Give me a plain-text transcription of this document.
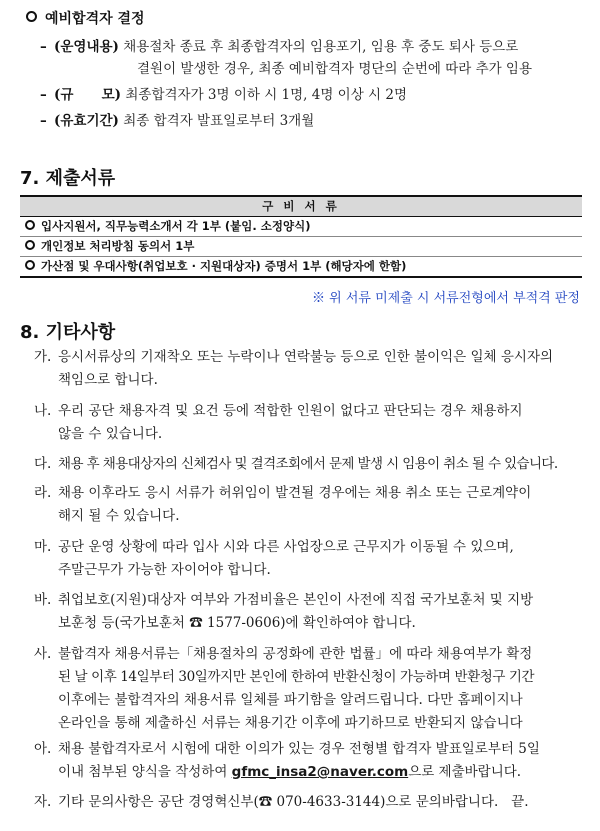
예비합격자 결정
– (운영내용) 채용절차 종료 후 최종합격자의 임용포기, 임용 후 중도 퇴사 등으로
결원이 발생한 경우, 최종 예비합격자 명단의 순번에 따라 추가 임용
– (규      모) 최종합격자가 3명 이하 시 1명, 4명 이상 시 2명
– (유효기간) 최종 합격자 발표일로부터 3개월
7. 제출서류
구 비 서 류
입사지원서, 직무능력소개서 각 1부 (붙임. 소정양식)
개인정보 처리방침 동의서 1부
가산점 및 우대사항(취업보호 · 지원대상자) 증명서 1부 (해당자에 한함)
※ 위 서류 미제출 시 서류전형에서 부적격 판정
8. 기타사항
가. 응시서류상의 기재착오 또는 누락이나 연락불능 등으로 인한 불이익은 일체 응시자의
책임으로 합니다.
나. 우리 공단 채용자격 및 요건 등에 적합한 인원이 없다고 판단되는 경우 채용하지
않을 수 있습니다.
다. 채용 후 채용대상자의 신체검사 및 결격조회에서 문제 발생 시 임용이 취소 될 수 있습니다.
라. 채용 이후라도 응시 서류가 허위임이 발견될 경우에는 채용 취소 또는 근로계약이
해지 될 수 있습니다.
마. 공단 운영 상황에 따라 입사 시와 다른 사업장으로 근무지가 이동될 수 있으며,
주말근무가 가능한 자이어야 합니다.
바. 취업보호(지원)대상자 여부와 가점비율은 본인이 사전에 직접 국가보훈처 및 지방
보훈청 등(국가보훈처 ☎ 1577-0606)에 확인하여야 합니다.
사. 불합격자 채용서류는「채용절차의 공정화에 관한 법률」에 따라 채용여부가 확정
된 날 이후 14일부터 30일까지만 본인에 한하여 반환신청이 가능하며 반환청구 기간
이후에는 불합격자의 채용서류 일체를 파기함을 알려드립니다. 다만 홈페이지나
온라인을 통해 제출하신 서류는 채용기간 이후에 파기하므로 반환되지 않습니다
아. 채용 불합격자로서 시험에 대한 이의가 있는 경우 전형별 합격자 발표일로부터 5일
이내 첨부된 양식을 작성하여 gfmc_insa2@naver.com으로 제출바랍니다.
자. 기타 문의사항은 공단 경영혁신부(☎ 070-4633-3144)으로 문의바랍니다.   끝.
